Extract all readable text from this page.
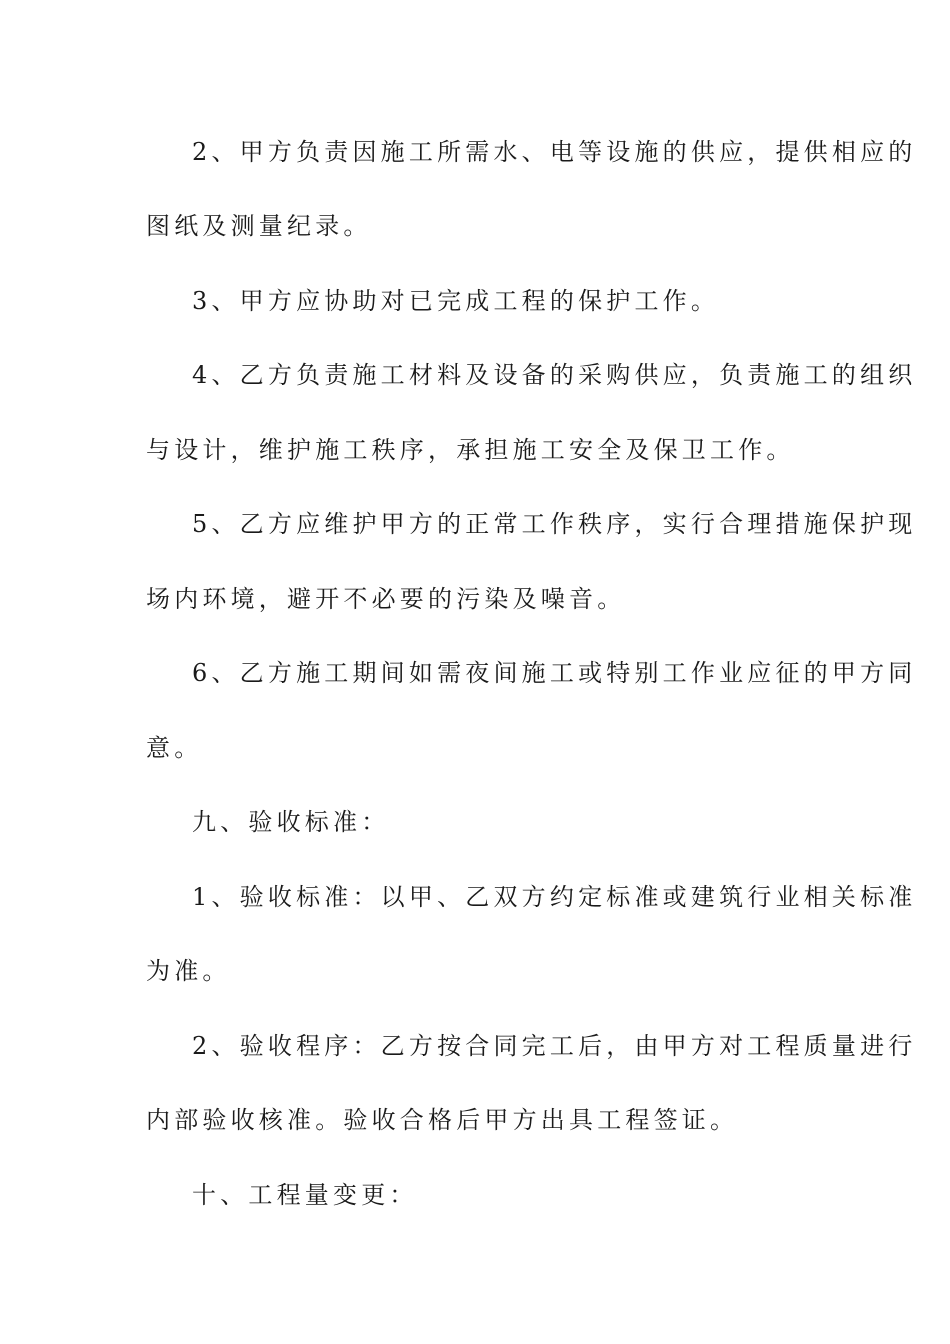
2、甲方负责因施工所需水、电等设施的供应，提供相应的
图纸及测量纪录。
3、甲方应协助对已完成工程的保护工作。
4、乙方负责施工材料及设备的采购供应，负责施工的组织
与设计，维护施工秩序，承担施工安全及保卫工作。
5、乙方应维护甲方的正常工作秩序，实行合理措施保护现
场内环境，避开不必要的污染及噪音。
6、乙方施工期间如需夜间施工或特别工作业应征的甲方同
意。
九、验收标准：
1、验收标准：以甲、乙双方约定标准或建筑行业相关标准
为准。
2、验收程序：乙方按合同完工后，由甲方对工程质量进行
内部验收核准。验收合格后甲方出具工程签证。
十、工程量变更：
